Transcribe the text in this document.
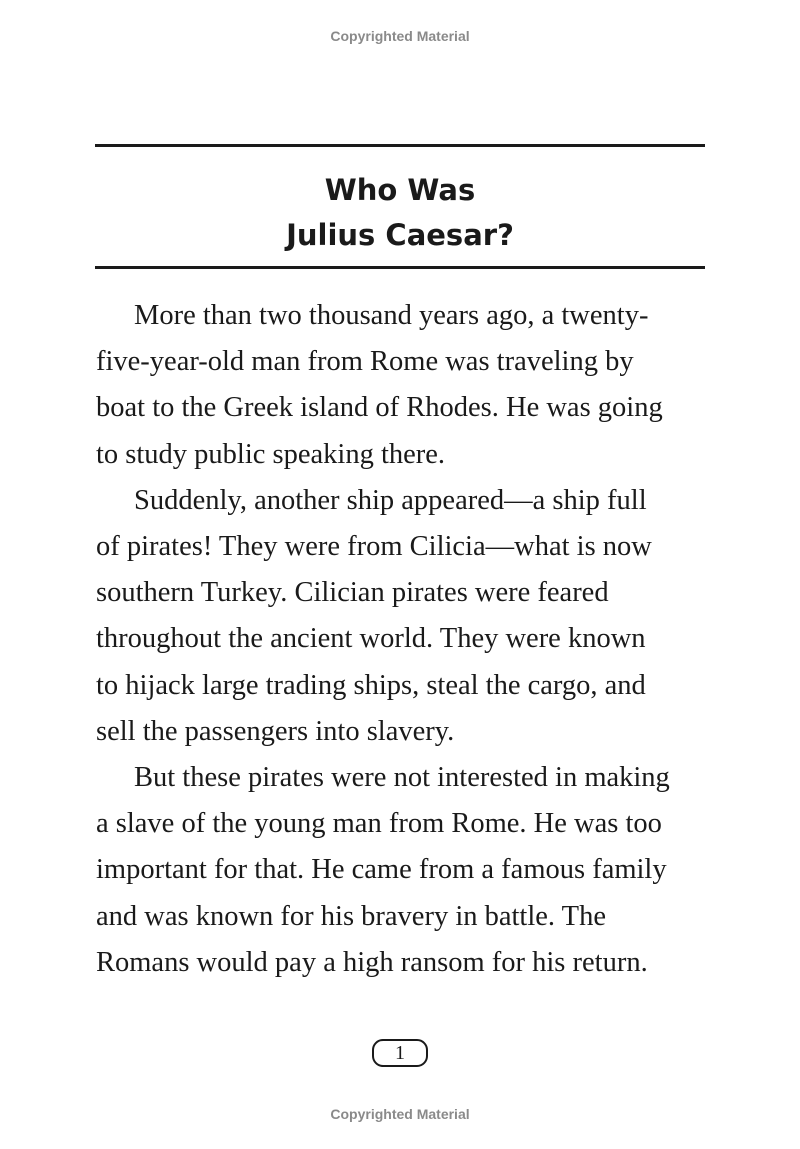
Copyrighted Material
Who Was
Julius Caesar?

More than two thousand years ago, a twenty-
five-year-old man from Rome was traveling by
boat to the Greek island of Rhodes. He was going
to study public speaking there.

Suddenly, another ship appeared—a ship full
of pirates! They were from Cilicia—what is now
southern Turkey. Cilician pirates were feared
throughout the ancient world. They were known
to hijack large trading ships, steal the cargo, and
sell the passengers into slavery.

But these pirates were not interested in making
a slave of the young man from Rome. He was too
important for that. He came from a famous family
and was known for his bravery in battle. The
Romans would pay a high ransom for his return.

1
Copyrighted Material
